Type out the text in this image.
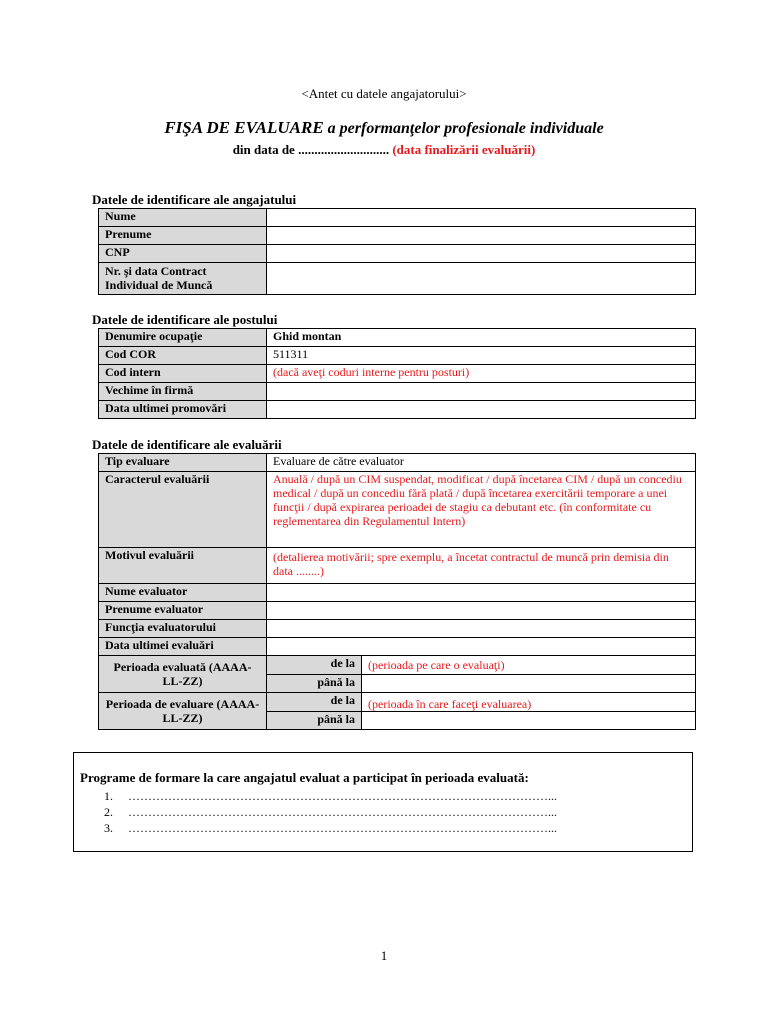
<Antet cu datele angajatorului>
FIŞA DE EVALUARE a performanţelor profesionale individuale
din data de ............................ (data finalizării evaluării)
Datele de identificare ale angajatului
Nume	
Prenume	
CNP	
Nr. şi data Contract Individual de Muncă	
Datele de identificare ale postului
Denumire ocupaţie	Ghid montan
Cod COR	511311
Cod intern	(dacă aveţi coduri interne pentru posturi)
Vechime în firmă	
Data ultimei promovări	
Datele de identificare ale evaluării
Tip evaluare	Evaluare de către evaluator	
Caracterul evaluării	Anuală / după un CIM suspendat, modificat / după încetarea CIM / după un concediu medical / după un concediu fără plată / după încetarea exercitării temporare a unei funcţii / după expirarea perioadei de stagiu ca debutant etc. (în conformitate cu reglementarea din Regulamentul Intern)	
Motivul evaluării	(detalierea motivării; spre exemplu, a încetat contractul de muncă prin demisia din data ........)	
Nume evaluator		
Prenume evaluator		
Funcţia evaluatorului		
Data ultimei evaluări		
Perioada evaluată (AAAA-LL-ZZ)	de la	(perioada pe care o evaluaţi)
	până la	
Perioada de evaluare (AAAA-LL-ZZ)	de la	(perioada în care faceţi evaluarea)
	până la	
Programe de formare la care angajatul evaluat a participat în perioada evaluată:
1. ……………………………………………………………………………………………...
2. ……………………………………………………………………………………………...
3. ……………………………………………………………………………………………...
1
